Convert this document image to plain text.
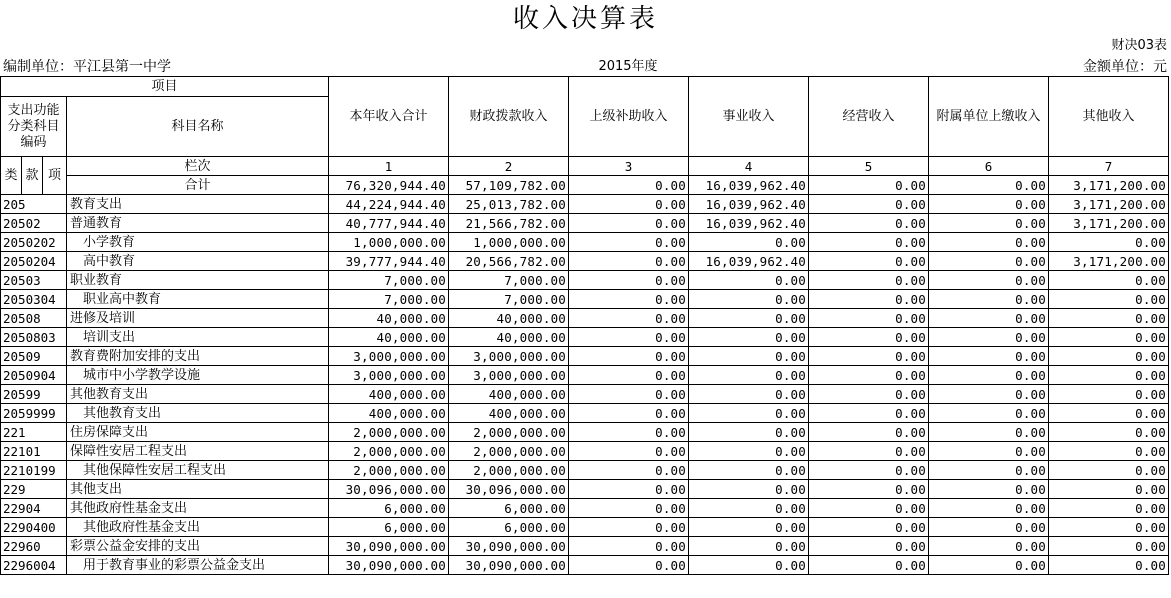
收入决算表
财决03表
编制单位：平江县第一中学	2015年度	金额单位：元
项目				本年收入合计	财政拨款收入	上级补助收入	事业收入	经营收入	附属单位上缴收入	其他收入
支出功能分类科目编码			科目名称							
类	款	项	栏次	1	2	3	4	5	6	7
			合计	76,320,944.40	57,109,782.00	0.00	16,039,962.40	0.00	0.00	3,171,200.00
205			教育支出	44,224,944.40	25,013,782.00	0.00	16,039,962.40	0.00	0.00	3,171,200.00
20502			普通教育	40,777,944.40	21,566,782.00	0.00	16,039,962.40	0.00	0.00	3,171,200.00
2050202			小学教育	1,000,000.00	1,000,000.00	0.00	0.00	0.00	0.00	0.00
2050204			高中教育	39,777,944.40	20,566,782.00	0.00	16,039,962.40	0.00	0.00	3,171,200.00
20503			职业教育	7,000.00	7,000.00	0.00	0.00	0.00	0.00	0.00
2050304			职业高中教育	7,000.00	7,000.00	0.00	0.00	0.00	0.00	0.00
20508			进修及培训	40,000.00	40,000.00	0.00	0.00	0.00	0.00	0.00
2050803			培训支出	40,000.00	40,000.00	0.00	0.00	0.00	0.00	0.00
20509			教育费附加安排的支出	3,000,000.00	3,000,000.00	0.00	0.00	0.00	0.00	0.00
2050904			城市中小学教学设施	3,000,000.00	3,000,000.00	0.00	0.00	0.00	0.00	0.00
20599			其他教育支出	400,000.00	400,000.00	0.00	0.00	0.00	0.00	0.00
2059999			其他教育支出	400,000.00	400,000.00	0.00	0.00	0.00	0.00	0.00
221			住房保障支出	2,000,000.00	2,000,000.00	0.00	0.00	0.00	0.00	0.00
22101			保障性安居工程支出	2,000,000.00	2,000,000.00	0.00	0.00	0.00	0.00	0.00
2210199			其他保障性安居工程支出	2,000,000.00	2,000,000.00	0.00	0.00	0.00	0.00	0.00
229			其他支出	30,096,000.00	30,096,000.00	0.00	0.00	0.00	0.00	0.00
22904			其他政府性基金支出	6,000.00	6,000.00	0.00	0.00	0.00	0.00	0.00
2290400			其他政府性基金支出	6,000.00	6,000.00	0.00	0.00	0.00	0.00	0.00
22960			彩票公益金安排的支出	30,090,000.00	30,090,000.00	0.00	0.00	0.00	0.00	0.00
2296004			用于教育事业的彩票公益金支出	30,090,000.00	30,090,000.00	0.00	0.00	0.00	0.00	0.00
